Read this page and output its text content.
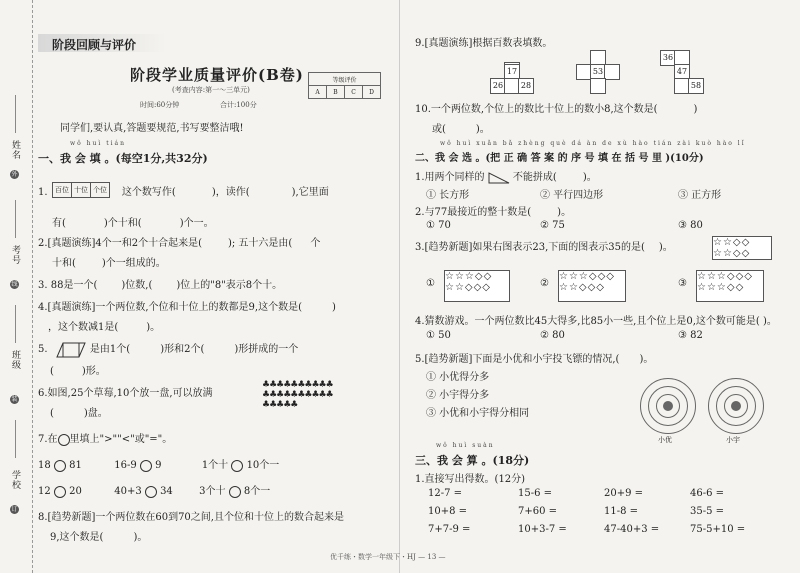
姓名
考号
班级
学校
外
线
装
订
阶段回顾与评价
阶段学业质量评价(B卷)
(考查内容:第一～三单元)
时间:60分钟	合计:100分
等级评价
A	B	C	D
同学们,要认真,答题要规范,书写要整洁哦!
wǒ huì tián
一、我 会 填 。(每空1分,共32分)
1.	这个数写作(	)，读作(	),它里面
百位 十位 个位
有(	)个十和(	)个一。
2.[真题演练]4个一和2个十合起来是(	); 五十六是由( 个
十和(	)个一组成的。
3. 88是一个( )位数,( )位上的"8"表示8个十。
4.[真题演练]一个两位数,个位和十位上的数都是9,这个数是(	)
，这个数减1是(	)。
5.	是由1个(	)形和2个(	)形拼成的一个
(	)形。
6.如图,25个草莓,10个放一盘,可以放满
♣♣♣♣♣♣♣♣♣♣ ♣♣♣♣♣♣♣♣♣♣ ♣♣♣♣♣
(	)盘。
7.在 里填上">""<"或"="。
18 81	16-9 9	1个十 10个一
12 20	40+3 34	3个十 8个一
8.[趋势新题]一个两位数在60到70之间,且个位和十位上的数合起来是
9,这个数是(	)。
9.[真题演练]根据百数表填数。
17
26	28
53
36
47
58
10.一个两位数,个位上的数比十位上的数小8,这个数是(	)
或(	)。
wǒ huì xuǎn bǎ zhèng què dá àn de xù hào tián zài kuò hào lǐ
二、我 会 选 。(把 正 确 答 案 的 序 号 填 在 括 号 里 )(10分)
1.用两个同样的	不能拼成(	)。
① 长方形	② 平行四边形	③ 正方形
2.与77最接近的整十数是(	)。
① 70	② 75	③ 80
3.[趋势新题]如果右图表示23,下面的图表示35的是( )。	☆☆◇◇
☆☆◇◇
①
☆☆☆◇◇
☆☆◇◇◇	②
☆☆☆◇◇◇
☆☆◇◇◇	③
☆☆☆◇◇◇
☆☆☆◇◇
4.猜数游戏。一个两位数比45大得多,比85小一些,且个位上是0,这个数可能是( )。
① 50	② 80	③ 82
5.[趋势新题]下面是小优和小宇投飞镖的情况,( )。
① 小优得分多
② 小宇得分多
③ 小优和小宇得分相同
小优	小宇
wǒ huì suàn
三、我 会 算 。(18分)
1.直接写出得数。(12分)
12-7 =	15-6 =	20+9 =	46-6 =
10+8 =	7+60 =	11-8 =	35-5 =
7+7-9 =	10+3-7 =	47-40+3 =	75-5+10 =
优千练・数学一年级下・HJ — 13 —
